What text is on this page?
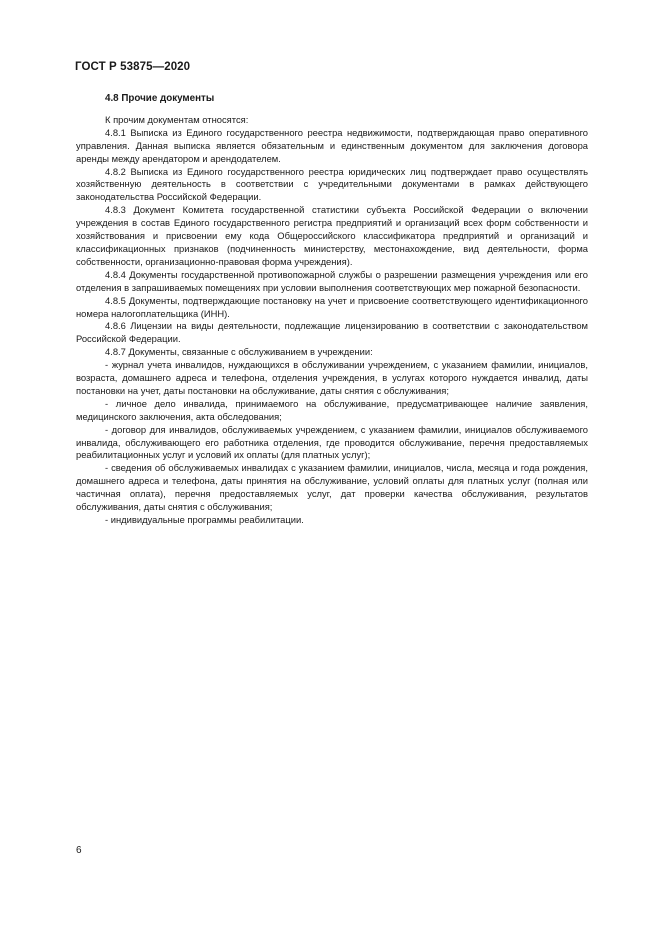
ГОСТ Р 53875—2020

4.8 Прочие документы

К прочим документам относятся:

4.8.1 Выписка из Единого государственного реестра недвижимости, подтверждающая право оперативного управления. Данная выписка является обязательным и единственным документом для заключения договора аренды между арендатором и арендодателем.

4.8.2 Выписка из Единого государственного реестра юридических лиц подтверждает право осуществлять хозяйственную деятельность в соответствии с учредительными документами в рамках действующего законодательства Российской Федерации.

4.8.3 Документ Комитета государственной статистики субъекта Российской Федерации о включении учреждения в состав Единого государственного регистра предприятий и организаций всех форм собственности и хозяйствования и присвоении ему кода Общероссийского классификатора предприятий и организаций и классификационных признаков (подчиненность министерству, местонахождение, вид деятельности, форма собственности, организационно-правовая форма учреждения).

4.8.4 Документы государственной противопожарной службы о разрешении размещения учреждения или его отделения в запрашиваемых помещениях при условии выполнения соответствующих мер пожарной безопасности.

4.8.5 Документы, подтверждающие постановку на учет и присвоение соответствующего идентификационного номера налогоплательщика (ИНН).

4.8.6 Лицензии на виды деятельности, подлежащие лицензированию в соответствии с законодательством Российской Федерации.

4.8.7 Документы, связанные с обслуживанием в учреждении:

- журнал учета инвалидов, нуждающихся в обслуживании учреждением, с указанием фамилии, инициалов, возраста, домашнего адреса и телефона, отделения учреждения, в услугах которого нуждается инвалид, даты постановки на учет, даты постановки на обслуживание, даты снятия с обслуживания;

- личное дело инвалида, принимаемого на обслуживание, предусматривающее наличие заявления, медицинского заключения, акта обследования;

- договор для инвалидов, обслуживаемых учреждением, с указанием фамилии, инициалов обслуживаемого инвалида, обслуживающего его работника отделения, где проводится обслуживание, перечня предоставляемых реабилитационных услуг и условий их оплаты (для платных услуг);

- сведения об обслуживаемых инвалидах с указанием фамилии, инициалов, числа, месяца и года рождения, домашнего адреса и телефона, даты принятия на обслуживание, условий оплаты для платных услуг (полная или частичная оплата), перечня предоставляемых услуг, дат проверки качества обслуживания, результатов обслуживания, даты снятия с обслуживания;

- индивидуальные программы реабилитации.

6
